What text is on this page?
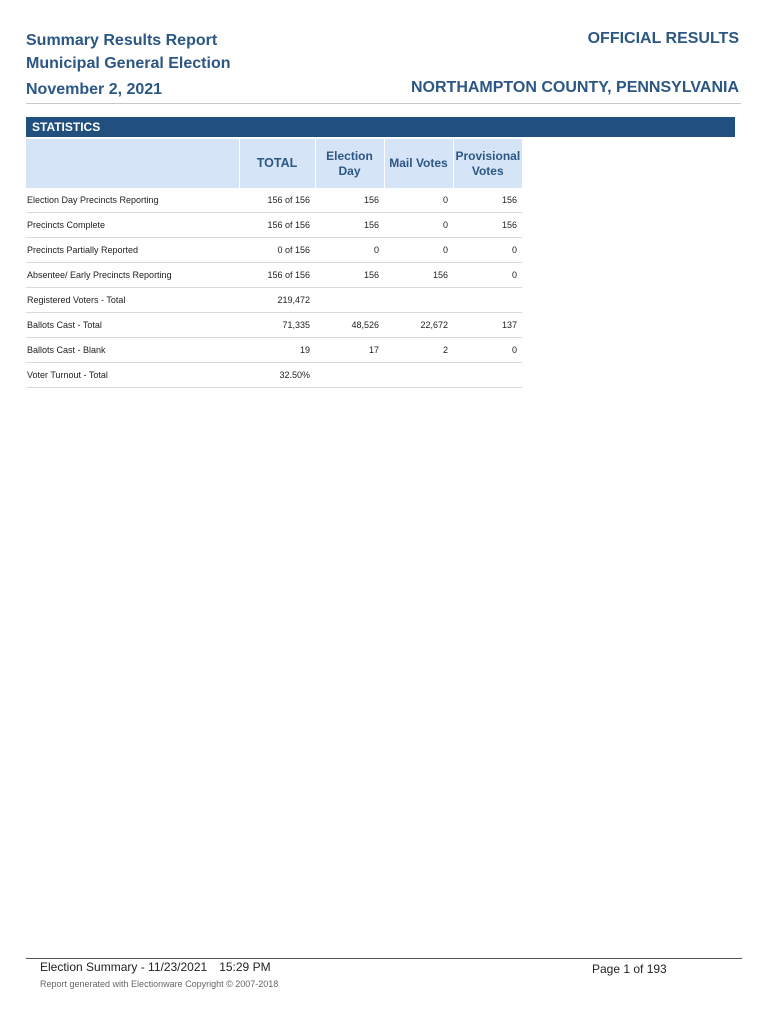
Summary Results Report
Municipal General Election
November 2, 2021
OFFICIAL RESULTS
NORTHAMPTON COUNTY, PENNSYLVANIA
STATISTICS
	TOTAL	Election Day	Mail Votes	Provisional Votes
Election Day Precincts Reporting	156 of 156	156	0	156
Precincts Complete	156 of 156	156	0	156
Precincts Partially Reported	0 of 156	0	0	0
Absentee/ Early Precincts Reporting	156 of 156	156	156	0
Registered Voters - Total	219,472			
Ballots Cast - Total	71,335	48,526	22,672	137
Ballots Cast - Blank	19	17	2	0
Voter Turnout - Total	32.50%			
Election Summary - 11/23/2021 15:29 PM
Report generated with Electionware Copyright © 2007-2018
Page 1 of 193
